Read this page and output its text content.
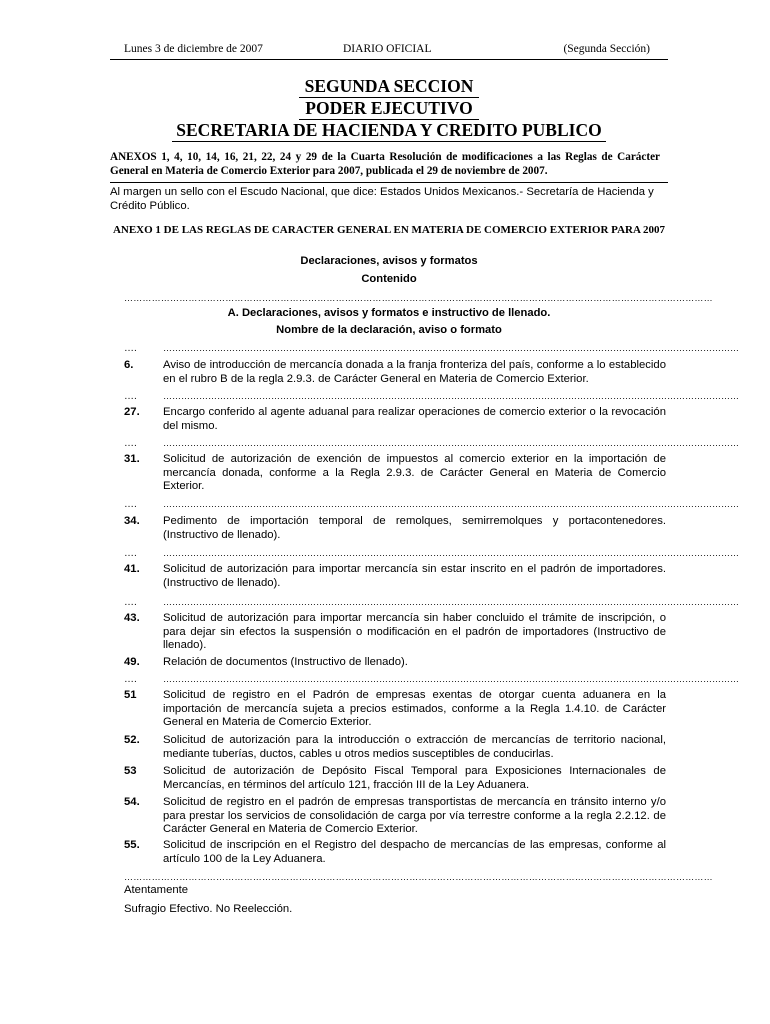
Lunes 3 de diciembre de 2007	DIARIO OFICIAL	(Segunda Sección)
SEGUNDA SECCION
PODER EJECUTIVO
SECRETARIA DE HACIENDA Y CREDITO PUBLICO
ANEXOS 1, 4, 10, 14, 16, 21, 22, 24 y 29 de la Cuarta Resolución de modificaciones a las Reglas de Carácter General en Materia de Comercio Exterior para 2007, publicada el 29 de noviembre de 2007.
Al margen un sello con el Escudo Nacional, que dice: Estados Unidos Mexicanos.- Secretaría de Hacienda y Crédito Público.
ANEXO 1 DE LAS REGLAS DE CARACTER GENERAL EN MATERIA DE COMERCIO EXTERIOR PARA 2007
Declaraciones, avisos y formatos
Contenido
…………………………………………………………………………………………………………………………………………………………………………
A. Declaraciones, avisos y formatos e instructivo de llenado.
Nombre de la declaración, aviso o formato
….	…………………………………………………………………………………………………………………………………………………………………………
6.	Aviso de introducción de mercancía donada a la franja fronteriza del país, conforme a lo establecido en el rubro B de la regla 2.9.3. de Carácter General en Materia de Comercio Exterior.
….	…………………………………………………………………………………………………………………………………………………………………………
27. Encargo conferido al agente aduanal para realizar operaciones de comercio exterior o la revocación del mismo.
….	…………………………………………………………………………………………………………………………………………………………………………
31. Solicitud de autorización de exención de impuestos al comercio exterior en la importación de mercancía donada, conforme a la Regla 2.9.3. de Carácter General en Materia de Comercio Exterior.
….	…………………………………………………………………………………………………………………………………………………………………………
34. Pedimento de importación temporal de remolques, semirremolques y portacontenedores. (Instructivo de llenado).
….	…………………………………………………………………………………………………………………………………………………………………………
41. Solicitud de autorización para importar mercancía sin estar inscrito en el padrón de importadores. (Instructivo de llenado).
….	…………………………………………………………………………………………………………………………………………………………………………
43. Solicitud de autorización para importar mercancía sin haber concluido el trámite de inscripción, o para dejar sin efectos la suspensión o modificación en el padrón de importadores (Instructivo de llenado).
49. Relación de documentos (Instructivo de llenado).
….	…………………………………………………………………………………………………………………………………………………………………………
51 Solicitud de registro en el Padrón de empresas exentas de otorgar cuenta aduanera en la importación de mercancía sujeta a precios estimados, conforme a la Regla 1.4.10. de Carácter General en Materia de Comercio Exterior.
52. Solicitud de autorización para la introducción o extracción de mercancías de territorio nacional, mediante tuberías, ductos, cables u otros medios susceptibles de conducirlas.
53 Solicitud de autorización de Depósito Fiscal Temporal para Exposiciones Internacionales de Mercancías, en términos del artículo 121, fracción III de la Ley Aduanera.
54. Solicitud de registro en el padrón de empresas transportistas de mercancía en tránsito interno y/o para prestar los servicios de consolidación de carga por vía terrestre conforme a la regla 2.2.12. de Carácter General en Materia de Comercio Exterior.
55. Solicitud de inscripción en el Registro del despacho de mercancías de las empresas, conforme al artículo 100 de la Ley Aduanera.
…………………………………………………………………………………………………………………………………………………………………………
Atentamente
Sufragio Efectivo. No Reelección.
